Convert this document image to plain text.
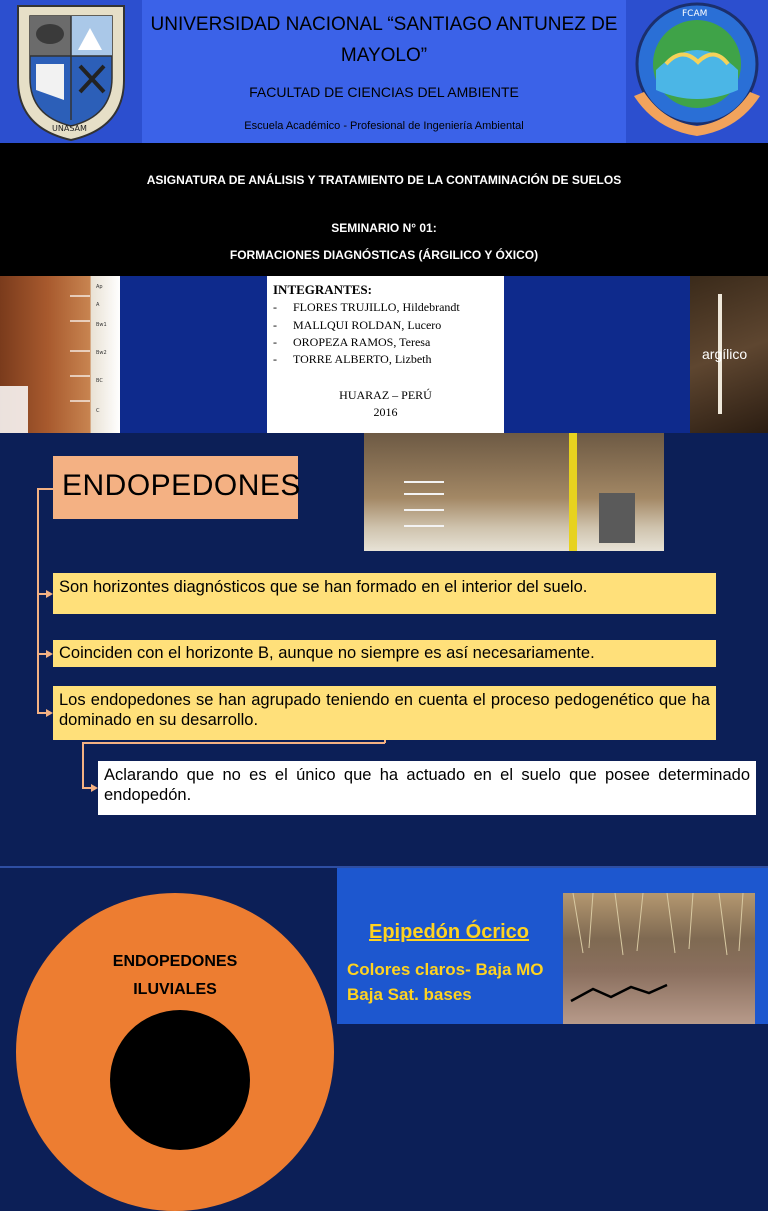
UNASAM
UNIVERSIDAD NACIONAL “SANTIAGO ANTUNEZ DE MAYOLO”
FACULTAD DE CIENCIAS DEL AMBIENTE
Escuela Académico - Profesional de Ingeniería Ambiental
FCAM
ASIGNATURA DE ANÁLISIS Y TRATAMIENTO DE LA CONTAMINACIÓN DE SUELOS
SEMINARIO N° 01:
FORMACIONES DIAGNÓSTICAS (ÁRGILICO Y ÓXICO)
Ap
A
Bw1
Bw2
BC
C
INTEGRANTES:
- FLORES TRUJILLO, Hildebrandt
- MALLQUI ROLDAN, Lucero
- OROPEZA RAMOS, Teresa
- TORRE ALBERTO, Lizbeth
HUARAZ – PERÚ
2016
argílico
ENDOPEDONES
Son horizontes diagnósticos que se han formado en el interior del suelo.
Coinciden con el horizonte B, aunque no siempre es así necesariamente.
Los endopedones se han agrupado teniendo en cuenta el proceso pedogenético que ha dominado en su desarrollo.
Aclarando que no es el único que ha actuado en el suelo que posee determinado endopedón.
ENDOPEDONES
ILUVIALES
Epipedón Ócrico
Colores claros- Baja MO
Baja Sat. bases
